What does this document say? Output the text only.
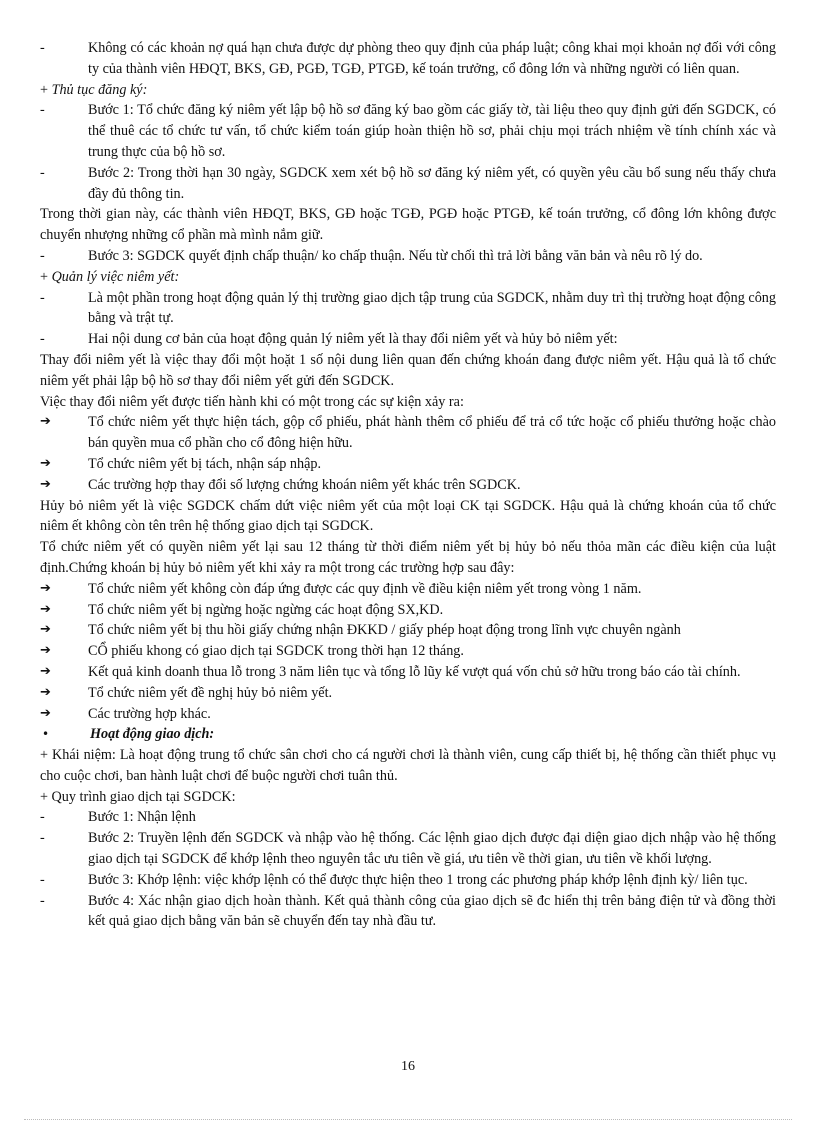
-	Không có các khoản nợ quá hạn chưa được dự phòng theo quy định của pháp luật; công khai mọi khoản nợ đối với công ty của thành viên HĐQT, BKS, GĐ, PGĐ, TGĐ, PTGĐ, kế toán trưởng, cổ đông lớn và những người có liên quan.
+ Thủ tục đăng ký:
-	Bước 1: Tổ chức đăng ký niêm yết lập bộ hồ sơ đăng ký bao gồm các giấy tờ, tài liệu theo quy định gửi đến SGDCK, có thể thuê các tổ chức tư vấn, tổ chức kiểm toán giúp hoàn thiện hồ sơ, phải chịu mọi trách nhiệm về tính chính xác và trung thực của bộ hồ sơ.
-	Bước 2: Trong thời hạn 30 ngày, SGDCK xem xét bộ hồ sơ đăng ký niêm yết, có quyền yêu cầu bổ sung nếu thấy chưa đầy đủ thông tin.
Trong thời gian này, các thành viên HĐQT, BKS, GĐ hoặc TGĐ, PGĐ hoặc PTGĐ, kế toán trưởng, cổ đông lớn không được chuyển nhượng những cổ phần mà mình nắm giữ.
-	Bước 3: SGDCK quyết định chấp thuận/ ko chấp thuận. Nếu từ chối thì trả lời bằng văn bản và nêu rõ lý do.
+ Quản lý việc niêm yết:
-	Là một phần trong hoạt động quản lý thị trường giao dịch tập trung của SGDCK, nhằm duy trì thị trường hoạt động công bằng và trật tự.
-	Hai nội dung cơ bản của hoạt động quản lý niêm yết là thay đổi niêm yết và hủy bỏ niêm yết:
Thay đổi niêm yết là việc thay đổi một hoặt 1 số nội dung liên quan đến chứng khoán đang được niêm yết. Hậu quả là tổ chức niêm yết phải lập bộ hồ sơ thay đổi niêm yết gửi đến SGDCK.
Việc thay đổi niêm yết được tiến hành khi có một trong các sự kiện xảy ra:
➔	Tổ chức niêm yết thực hiện tách, gộp cổ phiếu, phát hành thêm cổ phiếu để trả cổ tức hoặc cổ phiếu thưởng hoặc chào bán quyền mua cổ phần cho cổ đông hiện hữu.
➔	Tổ chức niêm yết bị tách, nhận sáp nhập.
➔	Các trường hợp thay đổi số lượng chứng khoán niêm yết khác trên SGDCK.
Hủy bỏ niêm yết là việc SGDCK chấm dứt việc niêm yết của một loại CK tại SGDCK. Hậu quả là chứng khoán của tổ chức niêm ết không còn tên trên hệ thống giao dịch tại SGDCK.
Tổ chức niêm yết có quyền niêm yết lại sau 12 tháng từ thời điểm niêm yết bị hủy bỏ nếu thỏa mãn các điều kiện của luật định.Chứng khoán bị hủy bỏ niêm yết khi xảy ra một trong các trường hợp sau đây:
➔	Tổ chức niêm yết không còn đáp ứng được các quy định về điều kiện niêm yết trong vòng 1 năm.
➔	Tổ chức niêm yết bị ngừng hoặc ngừng các hoạt động SX,KD.
➔	Tổ chức niêm yết bị thu hồi giấy chứng nhận ĐKKD / giấy phép hoạt động trong lĩnh vực chuyên ngành
➔	CỔ phiếu khong có giao dịch tại SGDCK trong thời hạn 12 tháng.
➔	Kết quả kinh doanh thua lỗ trong 3 năm liên tục và tổng lỗ lũy kế vượt quá vốn chủ sở hữu trong báo cáo tài chính.
➔	Tổ chức niêm yết đề nghị hủy bỏ niêm yết.
➔	Các trường hợp khác.
•	Hoạt động giao dịch:
+ Khái niệm: Là hoạt động trung tổ chức sân chơi cho cá người chơi là thành viên, cung cấp thiết bị, hệ thống cần thiết phục vụ cho cuộc chơi, ban hành luật chơi để buộc người chơi tuân thủ.
+ Quy trình giao dịch tại SGDCK:
-	Bước 1: Nhận lệnh
-	Bước 2: Truyền lệnh đến SGDCK và nhập vào hệ thống. Các lệnh giao dịch được đại diện giao dịch nhập vào hệ thống giao dịch tại SGDCK để khớp lệnh theo nguyên tắc ưu tiên về giá, ưu tiên về thời gian, ưu tiên về khối lượng.
-	Bước 3: Khớp lệnh: việc khớp lệnh có thể được thực hiện theo 1 trong các phương pháp khớp lệnh định kỳ/ liên tục.
-	Bước 4: Xác nhận giao dịch hoàn thành. Kết quả thành công của giao dịch sẽ đc hiển thị trên bảng điện tử và đồng thời kết quả giao dịch bằng văn bản sẽ chuyển đến tay nhà đầu tư.
16
